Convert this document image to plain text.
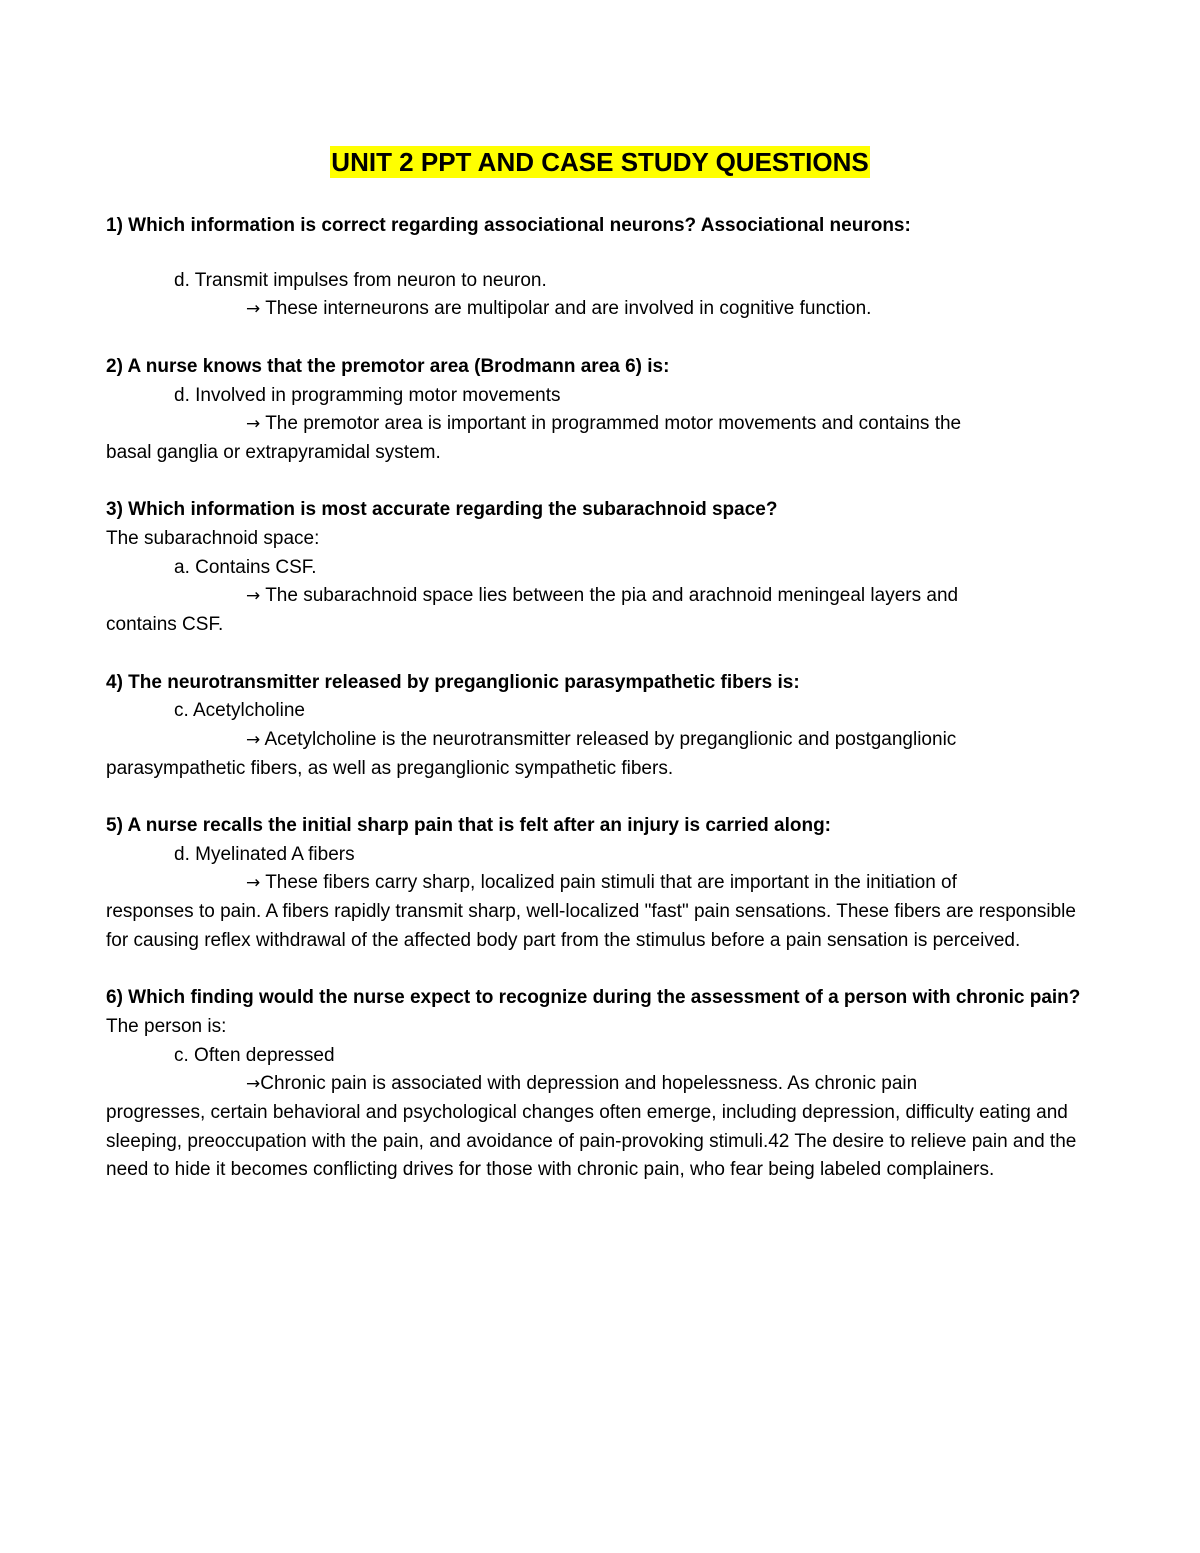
UNIT 2 PPT AND CASE STUDY QUESTIONS
1) Which information is correct regarding associational neurons? Associational neurons:
d. Transmit impulses from neuron to neuron.
→ These interneurons are multipolar and are involved in cognitive function.
2) A nurse knows that the premotor area (Brodmann area 6) is:
d. Involved in programming motor movements
→ The premotor area is important in programmed motor movements and contains the
basal ganglia or extrapyramidal system.
3) Which information is most accurate regarding the subarachnoid space?
The subarachnoid space:
a. Contains CSF.
→ The subarachnoid space lies between the pia and arachnoid meningeal layers and
contains CSF.
4) The neurotransmitter released by preganglionic parasympathetic fibers is:
c. Acetylcholine
→ Acetylcholine is the neurotransmitter released by preganglionic and postganglionic
parasympathetic fibers, as well as preganglionic sympathetic fibers.
5) A nurse recalls the initial sharp pain that is felt after an injury is carried along:
d. Myelinated A fibers
→ These fibers carry sharp, localized pain stimuli that are important in the initiation of
responses to pain. A fibers rapidly transmit sharp, well-localized "fast" pain sensations. These fibers are responsible for causing reflex withdrawal of the affected body part from the stimulus before a pain sensation is perceived.
6) Which finding would the nurse expect to recognize during the assessment of a person with chronic pain?
The person is:
c. Often depressed
→Chronic pain is associated with depression and hopelessness. As chronic pain
progresses, certain behavioral and psychological changes often emerge, including depression, difficulty eating and sleeping, preoccupation with the pain, and avoidance of pain-provoking stimuli.42 The desire to relieve pain and the need to hide it becomes conflicting drives for those with chronic pain, who fear being labeled complainers.
